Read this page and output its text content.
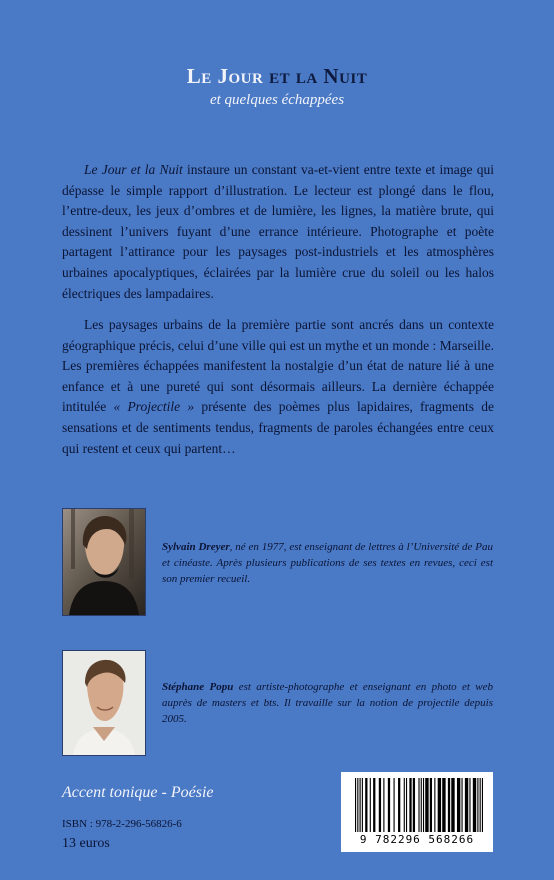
Le Jour et la Nuit

et quelques échappées

Le Jour et la Nuit instaure un constant va-et-vient entre texte et image qui dépasse le simple rapport d’illustration. Le lecteur est plongé dans le flou, l’entre-deux, les jeux d’ombres et de lumière, les lignes, la matière brute, qui dessinent l’univers fuyant d’une errance intérieure. Photographe et poète partagent l’attirance pour les paysages post-industriels et les atmosphères urbaines apocalyptiques, éclairées par la lumière crue du soleil ou les halos électriques des lampadaires.

Les paysages urbains de la première partie sont ancrés dans un contexte géographique précis, celui d’une ville qui est un mythe et un monde : Marseille. Les premières échappées manifestent la nostalgie d’un état de nature lié à une enfance et à une pureté qui sont désormais ailleurs. La dernière échappée intitulée « Projectile » présente des poèmes plus lapidaires, fragments de sensations et de sentiments tendus, fragments de paroles échangées entre ceux qui restent et ceux qui partent…

Sylvain Dreyer, né en 1977, est enseignant de lettres à l’Université de Pau et cinéaste. Après plusieurs publications de ses textes en revues, ceci est son premier recueil.

Stéphane Popu est artiste-photographe et enseignant en photo et web auprès de masters et bts. Il travaille sur la notion de projectile depuis 2005.

Accent tonique - Poésie

ISBN : 978-2-296-56826-6

13 euros	9 782296 568266
